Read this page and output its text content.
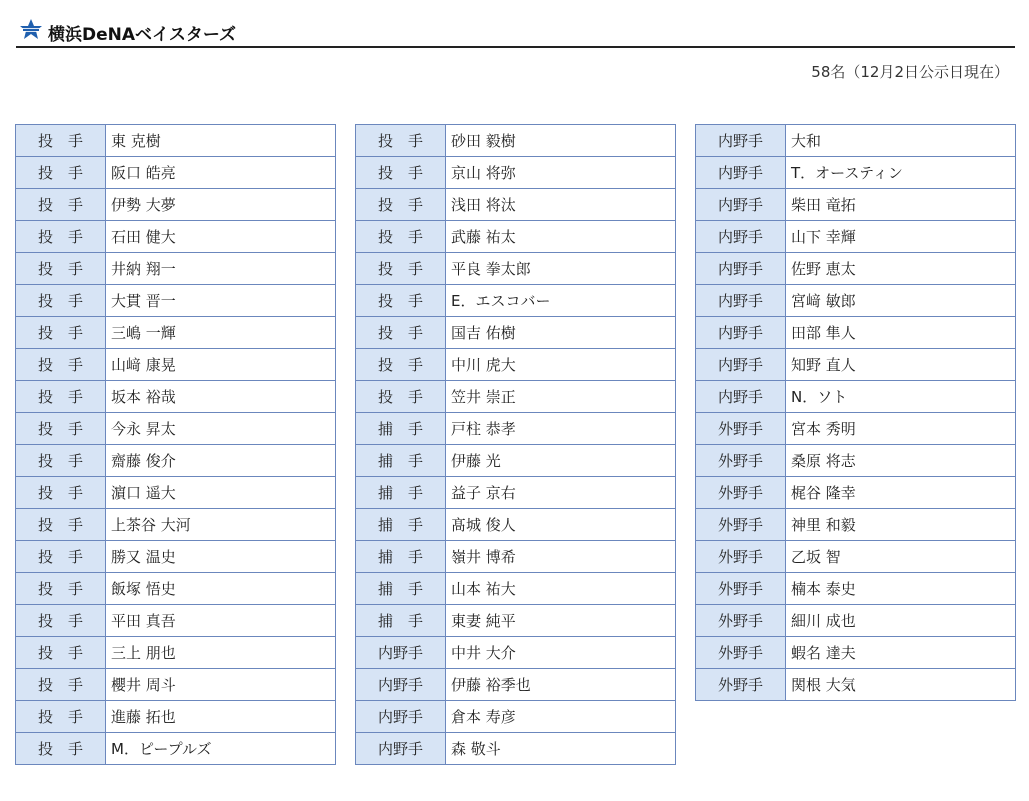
横浜DeNAベイスターズ
58名（12月2日公示日現在）
投　手	東 克樹
投　手	阪口 皓亮
投　手	伊勢 大夢
投　手	石田 健大
投　手	井納 翔一
投　手	大貫 晋一
投　手	三嶋 一輝
投　手	山﨑 康晃
投　手	坂本 裕哉
投　手	今永 昇太
投　手	齋藤 俊介
投　手	濵口 遥大
投　手	上茶谷 大河
投　手	勝又 温史
投　手	飯塚 悟史
投　手	平田 真吾
投　手	三上 朋也
投　手	櫻井 周斗
投　手	進藤 拓也
投　手	M．ピープルズ
投　手	砂田 毅樹
投　手	京山 将弥
投　手	浅田 将汰
投　手	武藤 祐太
投　手	平良 拳太郎
投　手	E．エスコバー
投　手	国吉 佑樹
投　手	中川 虎大
投　手	笠井 崇正
捕　手	戸柱 恭孝
捕　手	伊藤 光
捕　手	益子 京右
捕　手	髙城 俊人
捕　手	嶺井 博希
捕　手	山本 祐大
捕　手	東妻 純平
内野手	中井 大介
内野手	伊藤 裕季也
内野手	倉本 寿彦
内野手	森 敬斗
内野手	大和
内野手	T．オースティン
内野手	柴田 竜拓
内野手	山下 幸輝
内野手	佐野 恵太
内野手	宮﨑 敏郎
内野手	田部 隼人
内野手	知野 直人
内野手	N．ソト
外野手	宮本 秀明
外野手	桑原 将志
外野手	梶谷 隆幸
外野手	神里 和毅
外野手	乙坂 智
外野手	楠本 泰史
外野手	細川 成也
外野手	蝦名 達夫
外野手	関根 大気
